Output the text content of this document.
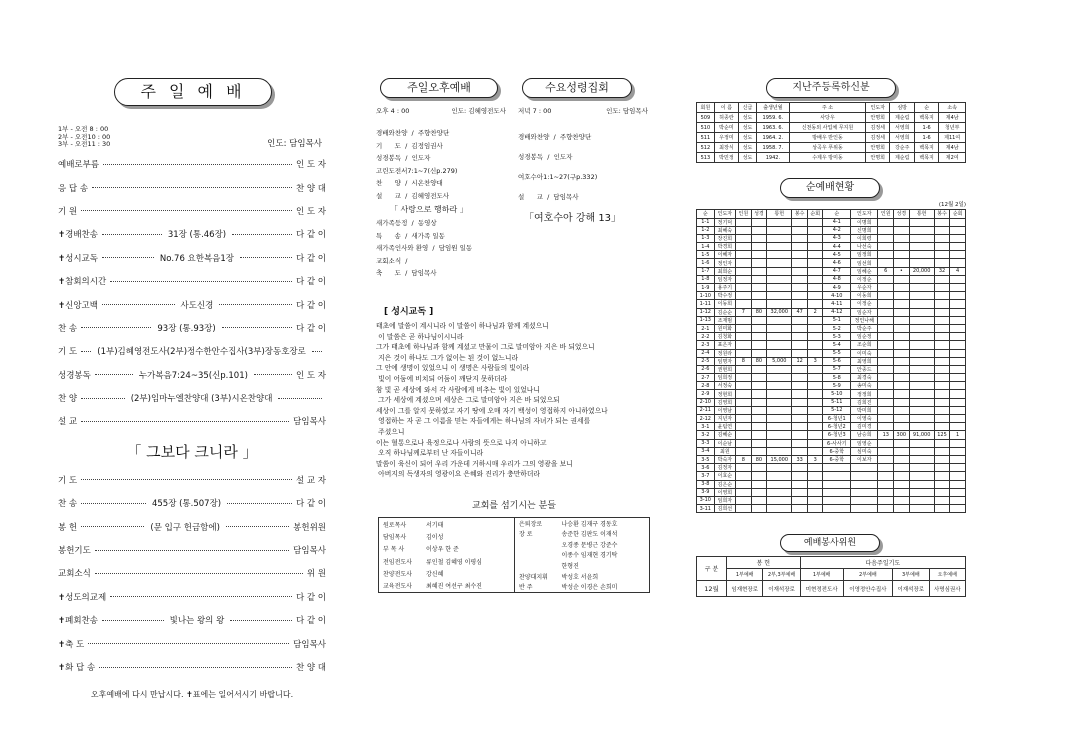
주 일 예 배
1부 - 오전 8 : 00
2부 - 오전10 : 00
3부 - 오전11 : 30	인도: 담임목사
예배로부름	인 도 자
응 답 송	찬 양 대
기 원	인 도 자
✝경배찬송	31장 (통.46장)	다 같 이
✝성시교독	No.76 요한복음1장	다 같 이
✝참회의시간	다 같 이
✝신앙고백	사도신경	다 같 이
찬 송	93장 (통.93장)	다 같 이
기 도 (1부)김혜영전도사(2부)정수한안수집사(3부)장동호장로
성경봉독	누가복음7:24~35(신p.101)	인 도 자
찬 양	(2부)임마누엘찬양대 (3부)시온찬양대
설 교	담임목사
「 그보다 크니라 」
기 도	설 교 자
찬 송	455장 (통.507장)	다 같 이
봉 헌	(문 입구 헌금함에)	봉헌위원
봉헌기도	담임목사
교회소식	위 원
✝성도의교제	다 같 이
✝폐회찬송	빛나는 왕의 왕	다 같 이
✝축 도	담임목사
✝화 답 송	찬 양 대
오후예배에 다시 만납시다. ✝표에는 일어서시기 바랍니다.
주일오후예배
오후 4 : 00	인도: 김혜영전도사
경배와찬양  /  주향찬양단
기      도  /  김정임권사
성경봉독  /  인도자
고린도전서7:1~7(신p.279)
찬      양  /  시온찬양대
설      교  /  김혜영전도사
「 사랑으로 행하라 」
새가족등정  /  동영상
특      송  /  새가족 일동
새가족인사와 환영  /  담임원 일동
교회소식  /
축      도  /  담임목사
수요성령집회
저녁 7 : 00	인도: 담임목사
경배와찬양  /  주향찬양단
성경봉독  /  인도자
여호수아1:1~27(구p.332)
설      교  /  담임목사
「여호수아 강해 13」
[ 성시교독 ]
태초에 말씀이 계시니라 이 말씀이 하나님과 함께 계셨으니
이 말씀은 곧 하나님이시니라
그가 태초에 하나님과 함께 계셨고 만물이 그로 말미암아 지은 바 되었으니
지은 것이 하나도 그가 없이는 된 것이 없느니라
그 안에 생명이 있었으니 이 생명은 사람들의 빛이라
빛이 어둠에 비치되 어둠이 깨닫지 못하더라
참 빛 곧 세상에 와서 각 사람에게 비추는 빛이 있었나니
그가 세상에 계셨으며 세상은 그로 말미암아 지은 바 되었으되
세상이 그를 알지 못하였고 자기 땅에 오매 자기 백성이 영접하지 아니하였으나
영접하는 자 곧 그 이름을 믿는 자들에게는 하나님의 자녀가 되는 권세를
주셨으니
이는 혈통으로나 육정으로나 사람의 뜻으로 나지 아니하고
오직 하나님께로부터 난 자들이니라
말씀이 육신이 되어 우리 가운데 거하시매 우리가 그의 영광을 보니
아버지의 독생자의 영광이요 은혜와 진리가 충만하더라
교회를 섬기시는 분들
원로목사	서기태
담임목사	김이성
부 목 사	이상우 한 준
전임전도사	류인철 김혜영 이평심
찬양전도사	강신혜
교육전도사	최혜진 여선구 최수진
은퇴장로	나승환 김재구 경동호
장 로	송준한 김판도 이재석
	오경종 문병근 강준수
	이종수 임재현 경기탁
	한형진
찬양대지휘	박성호 서윤희
반 주	박성순 이경은 손희미
지난주등록하신분
회원	이 름	신급	출생년월	주 소	인도자	심방	순	소속
509	허종란	성도	1959. 6.	사당우	안명희	제순림	백목지	제4남
510	박순미	성도	1963. 6.	신천동외 사업체 무지원	김정세	서영희	1-6	청년부
511	우정미	성도	1964. 2.	방배우 반인동	김정세	서영희	1-6	제11여
512	최장식	성도	1958. 7.	상곡우 푸위동	안명희	강순주	백목지	제4남
513	박민정	성도	1942.	수제우 방미동	안명희	제순림	백목지	제2여
순예배현황
(12월 2일)
순	인도자	인원	성경	통헌	봉수	순회	순	인도자	인원	성경	통헌	봉수	순회
1-1	정기덕						4-1	이명희					
1-2	최혜숙						4-2	신명희					
1-3	장진희						4-3	이희령					
1-4	박경희						4-4	나선숙					
1-5	이혜자						4-5	임정희					
1-6	정인자						4-6	임선희					
1-7	최희순						4-7	임혜순	6	•	20,000	32	4
1-8	임정자						4-8	이정순					
1-9	용주기						4-9	우순자					
1-10	박수정						4-10	이동희					
1-11	이동희						4-11	이정순					
1-12	김순순	7	80	32,000	47	2	4-12	임순자					
1-13	조재범						5-1	정인나해					
2-1	원미화						5-2	박순주					
2-2	김청화						5-3	임순정					
2-3	표은자						5-4	조순희					
2-4	정원라						5-5	이미숙					
2-5	임명자	8	80	5,000	12	3	5-6	최영희					
2-6	권현희						5-7	안종드					
2-7	임희정						5-8	최경숙					
2-8	서정숙						5-9	송미숙					
2-9	정현희						5-10	정정희					
2-10	김영희						5-11	김희진					
2-11	이영남						5-12	박미희					
2-12	지년자						6-청년1	이영숙					
3-1	윤팀연						6-청년2	김미경					
3-2	김혜순						6-청년3	남승희	13	300	91,000	125	1
3-3	이순남						6-사사기	임영순					
3-4	최원						6-중학	심미숙					
3-5	박숙자	8	80	15,000	33	3	6-중학	이보자					
3-6	김정자												
3-7	이효순												
3-8	김은순												
3-9	이영희												
3-10	임희자												
3-11	김희선												
예배봉사위원
구 분	봉 헌		다음주일기도			
	1부예배	2부,3부예배	1부예배	2부예배	3부예배	오후예배
12월	임재현장로	이재석장로	미현정전도사	이영정안수집사	이재석장로	사명심권사
